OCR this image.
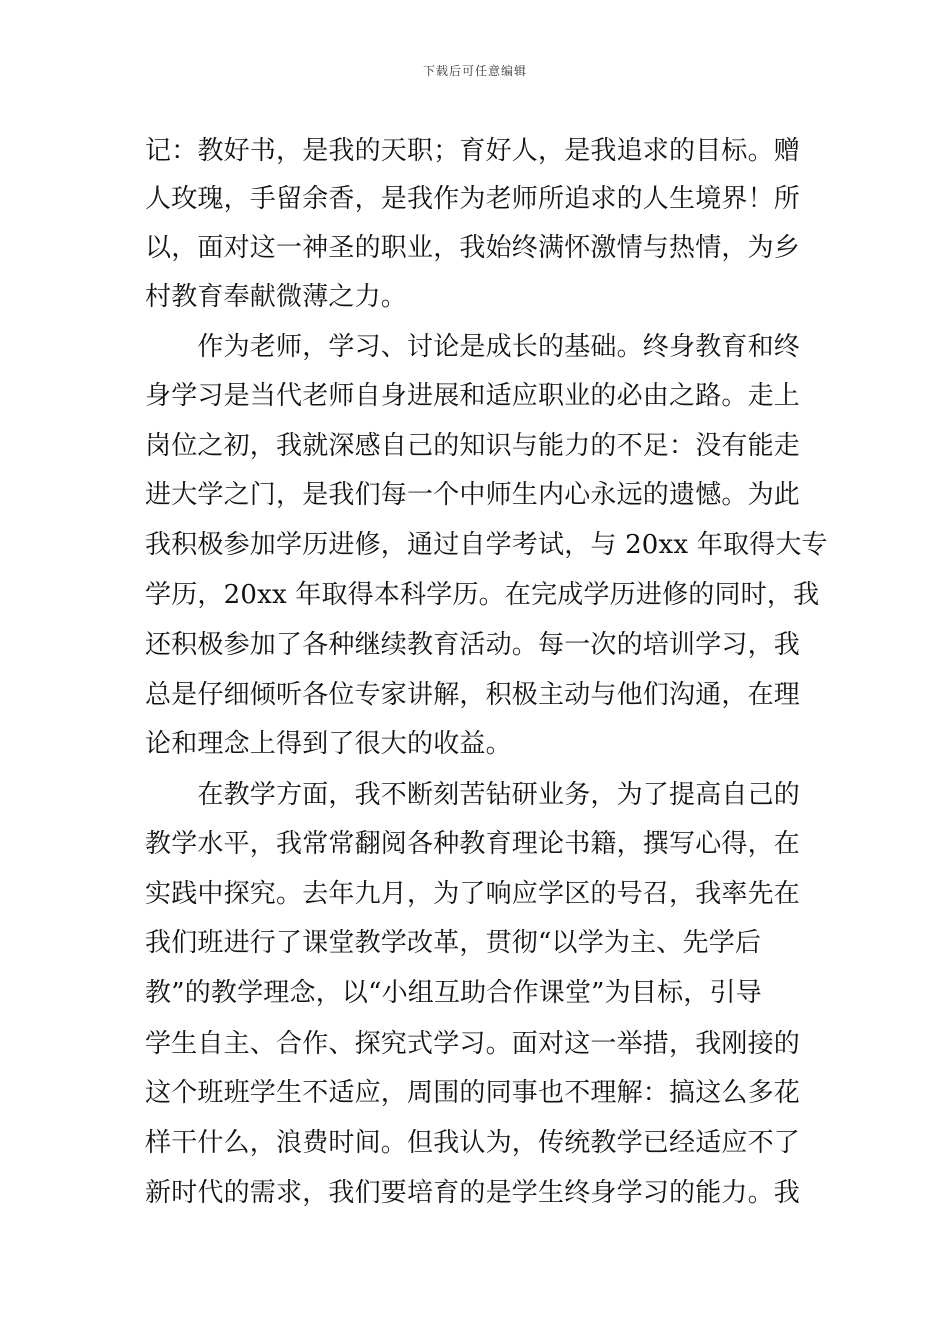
下载后可任意编辑
记：教好书，是我的天职；育好人，是我追求的目标。赠
人玫瑰，手留余香，是我作为老师所追求的人生境界！所
以，面对这一神圣的职业，我始终满怀激情与热情，为乡
村教育奉献微薄之力。
　　作为老师，学习、讨论是成长的基础。终身教育和终
身学习是当代老师自身进展和适应职业的必由之路。走上
岗位之初，我就深感自己的知识与能力的不足：没有能走
进大学之门，是我们每一个中师生内心永远的遗憾。为此
我积极参加学历进修，通过自学考试，与 20xx 年取得大专
学历，20xx 年取得本科学历。在完成学历进修的同时，我
还积极参加了各种继续教育活动。每一次的培训学习，我
总是仔细倾听各位专家讲解，积极主动与他们沟通，在理
论和理念上得到了很大的收益。
　　在教学方面，我不断刻苦钻研业务，为了提高自己的
教学水平，我常常翻阅各种教育理论书籍，撰写心得，在
实践中探究。去年九月，为了响应学区的号召，我率先在
我们班进行了课堂教学改革，贯彻“以学为主、先学后
教”的教学理念，以“小组互助合作课堂”为目标，引导
学生自主、合作、探究式学习。面对这一举措，我刚接的
这个班班学生不适应，周围的同事也不理解：搞这么多花
样干什么，浪费时间。但我认为，传统教学已经适应不了
新时代的需求，我们要培育的是学生终身学习的能力。我
